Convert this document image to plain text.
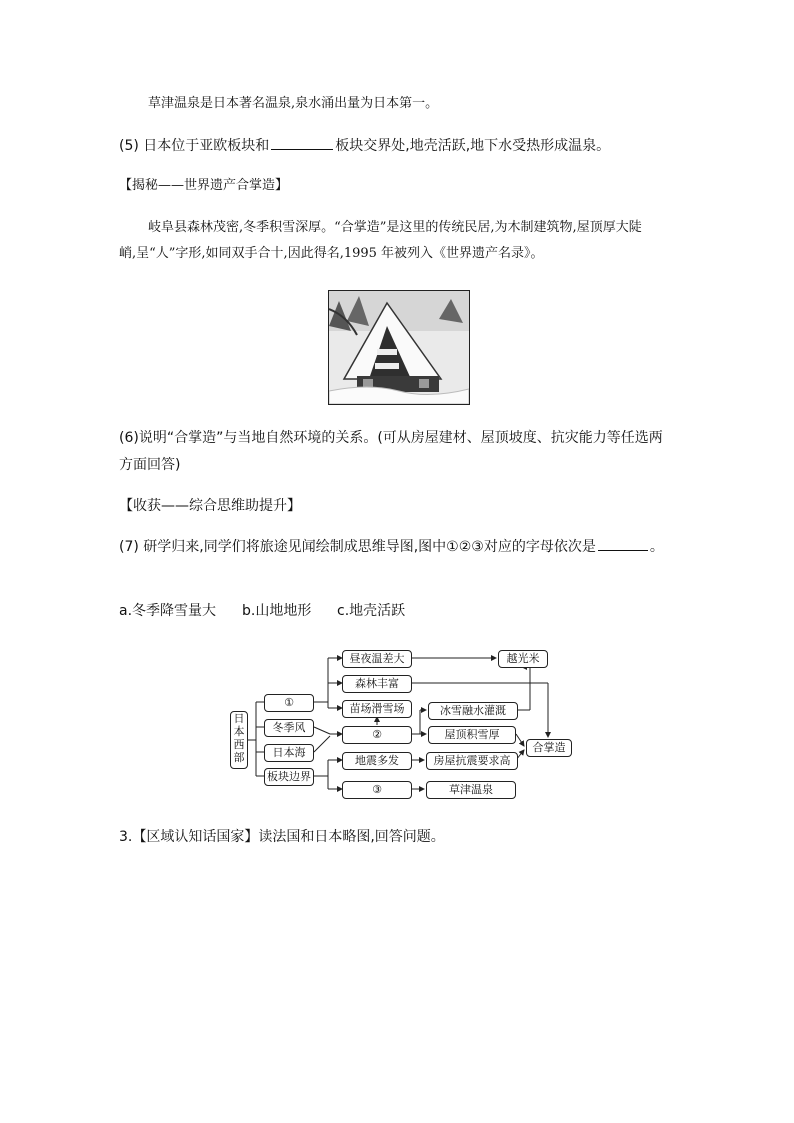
草津温泉是日本著名温泉,泉水涌出量为日本第一。
(5) 日本位于亚欧板块和	板块交界处,地壳活跃,地下水受热形成温泉。
【揭秘——世界遗产合掌造】
岐阜县森林茂密,冬季积雪深厚。“合掌造”是这里的传统民居,为木制建筑物,屋顶厚大陡
峭,呈“人”字形,如同双手合十,因此得名,1995 年被列入《世界遗产名录》。
(6)说明“合掌造”与当地自然环境的关系。(可从房屋建材、屋顶坡度、抗灾能力等任选两
方面回答)
【收获——综合思维助提升】
(7) 研学归来,同学们将旅途见闻绘制成思维导图,图中①②③对应的字母依次是	。
a.冬季降雪量大 b.山地地形 c.地壳活跃
日本西部
①
冬季风
日本海
板块边界
昼夜温差大
森林丰富
苗场滑雪场
②
地震多发
③
越光米
冰雪融水灌溉
屋顶积雪厚
房屋抗震要求高
草津温泉
合掌造
3.【区域认知话国家】读法国和日本略图,回答问题。
